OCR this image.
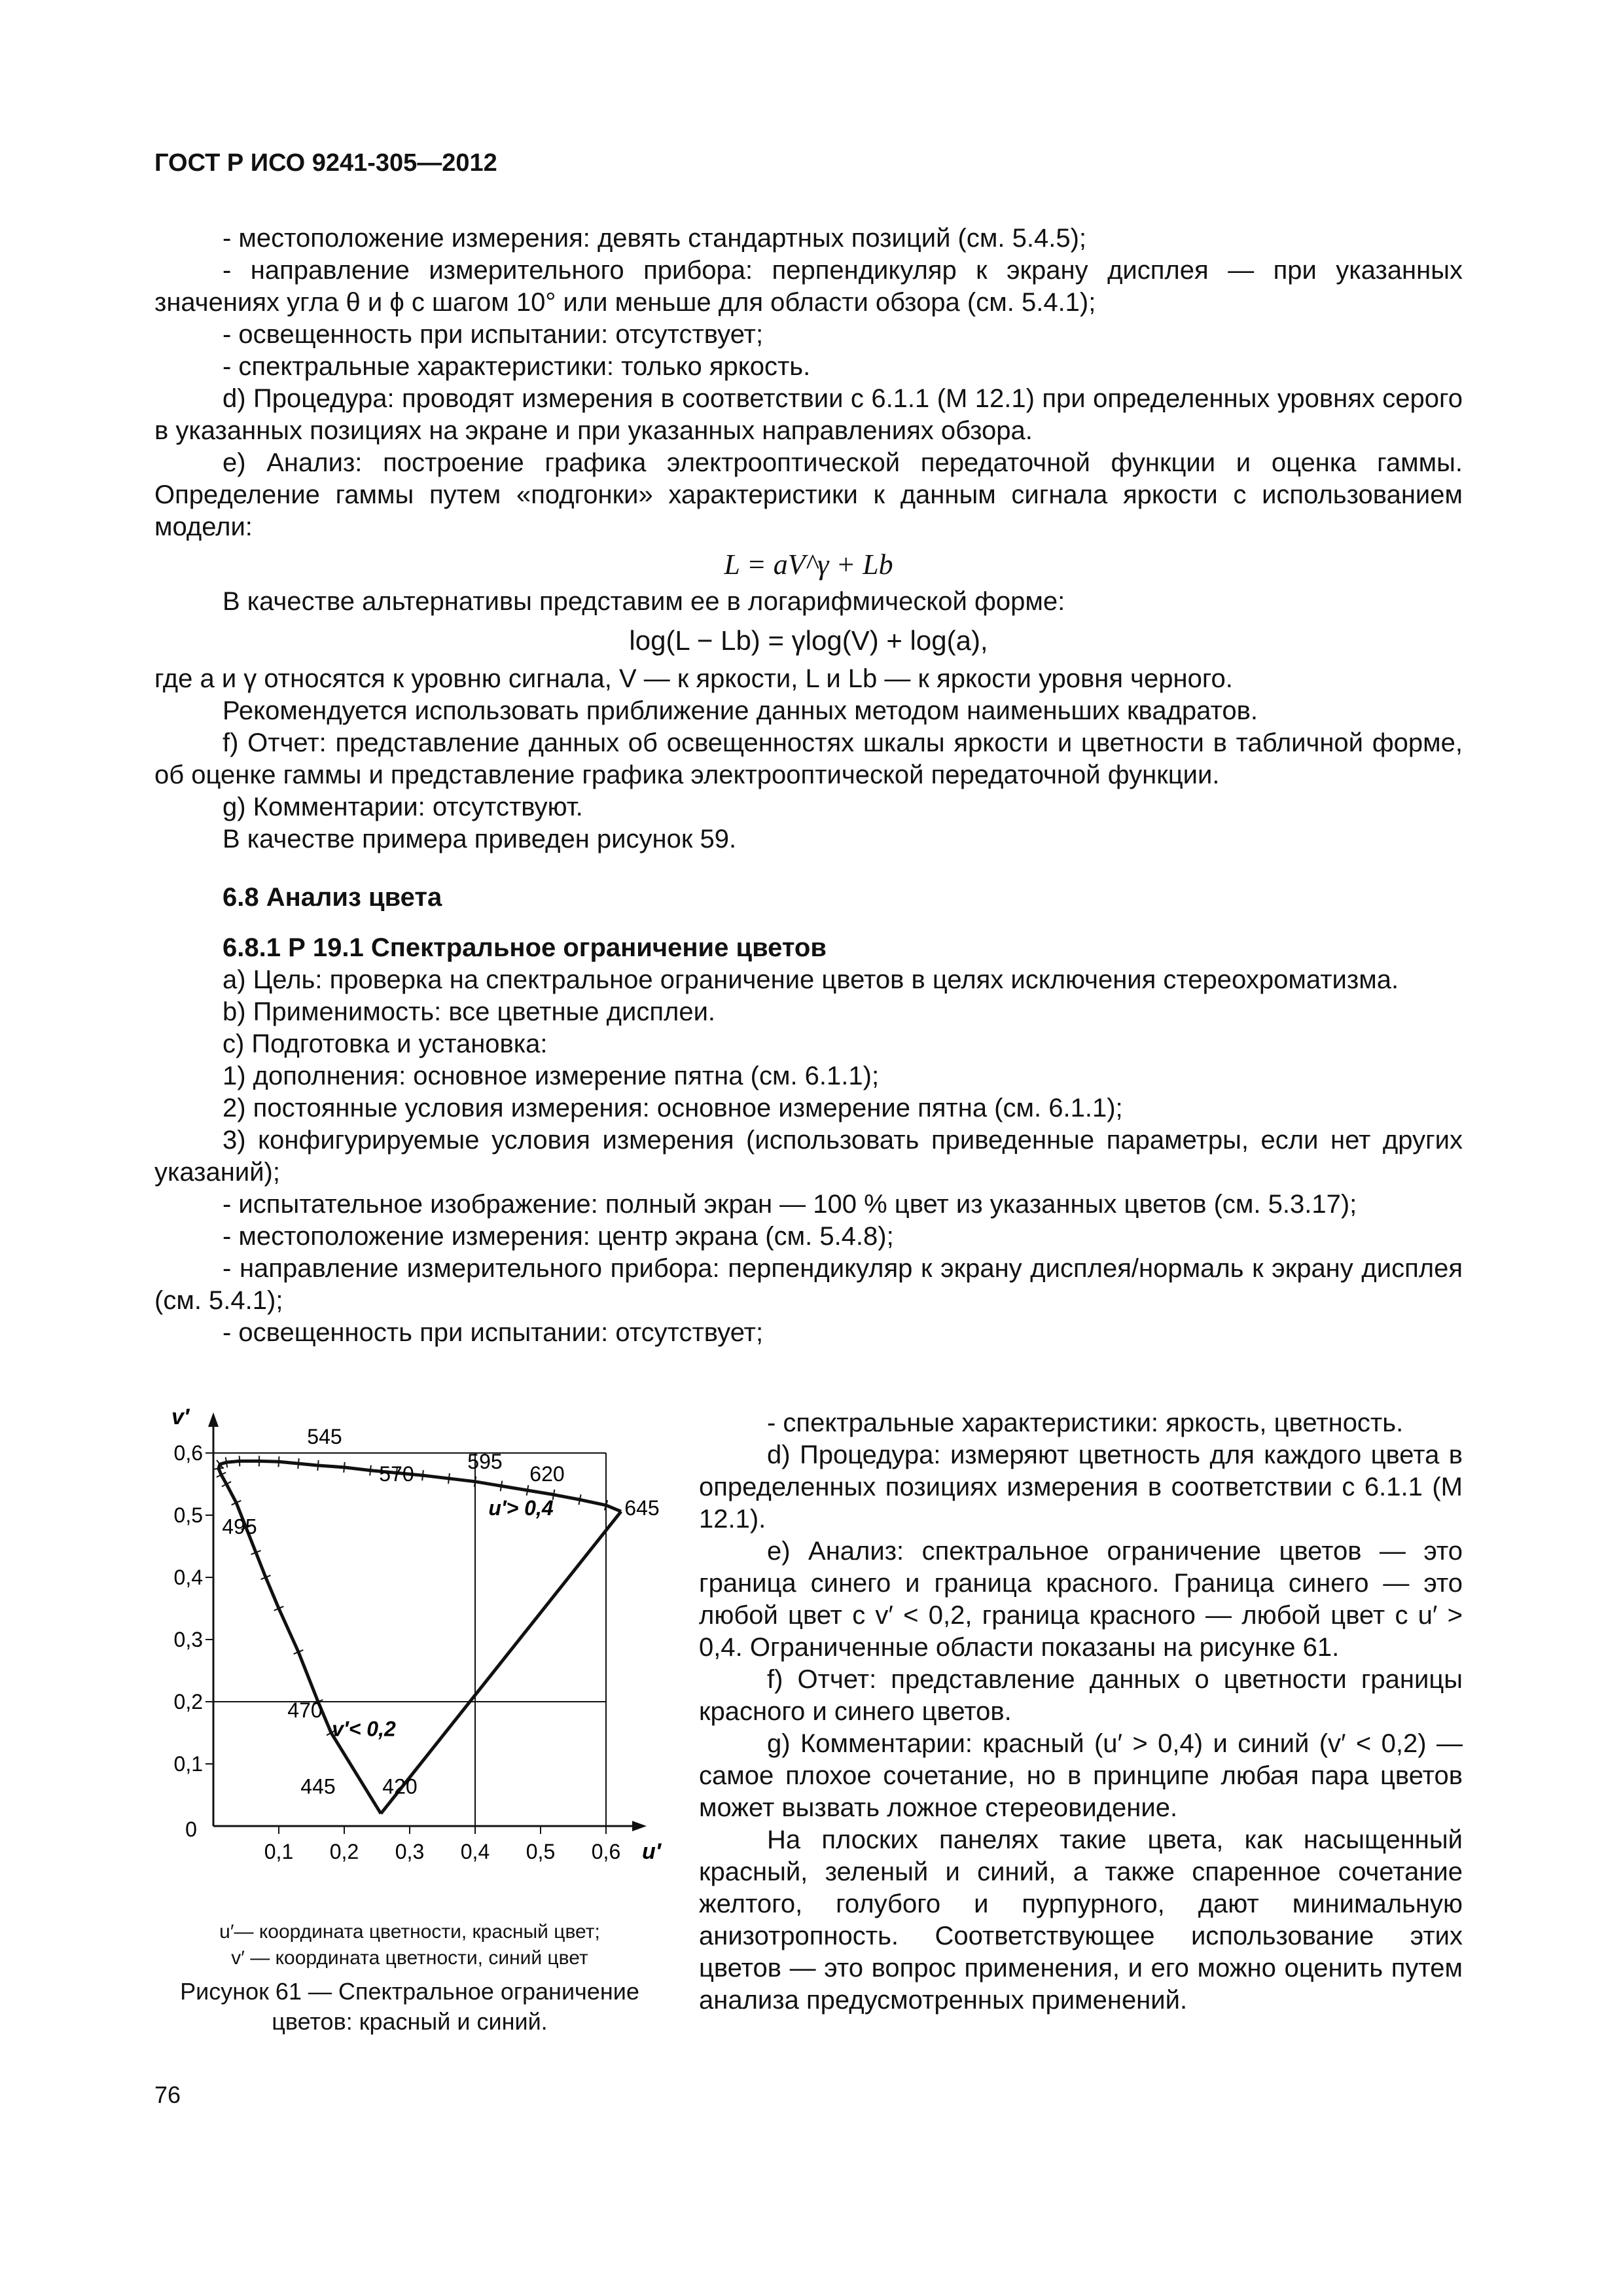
ГОСТ Р ИСО 9241-305—2012

- местоположение измерения: девять стандартных позиций (см. 5.4.5);

- направление измерительного прибора: перпендикуляр к экрану дисплея — при указанных значениях угла θ и ϕ с шагом 10° или меньше для области обзора (см. 5.4.1);

- освещенность при испытании: отсутствует;

- спектральные характеристики: только яркость.

d) Процедура: проводят измерения в соответствии с 6.1.1 (М 12.1) при определенных уровнях серого в указанных позициях на экране и при указанных направлениях обзора.

e) Анализ: построение графика электрооптической передаточной функции и оценка гаммы. Определение гаммы путем «подгонки» характеристики к данным сигнала яркости с использованием модели:

L = aV^γ + Lb

В качестве альтернативы представим ее в логарифмической форме:

log(L − Lb) = γlog(V) + log(a),

где a и γ относятся к уровню сигнала, V — к яркости, L и Lb — к яркости уровня черного.

Рекомендуется использовать приближение данных методом наименьших квадратов.

f) Отчет: представление данных об освещенностях шкалы яркости и цветности в табличной форме, об оценке гаммы и представление графика электрооптической передаточной функции.

g) Комментарии: отсутствуют.

В качестве примера приведен рисунок 59.

6.8 Анализ цвета

6.8.1 Р 19.1 Спектральное ограничение цветов

a) Цель: проверка на спектральное ограничение цветов в целях исключения стереохроматизма.

b) Применимость: все цветные дисплеи.

c) Подготовка и установка:

1) дополнения: основное измерение пятна (см. 6.1.1);

2) постоянные условия измерения: основное измерение пятна (см. 6.1.1);

3) конфигурируемые условия измерения (использовать приведенные параметры, если нет других указаний);

- испытательное изображение: полный экран — 100 % цвет из указанных цветов (см. 5.3.17);

- местоположение измерения: центр экрана (см. 5.4.8);

- направление измерительного прибора: перпендикуляр к экрану дисплея/нормаль к экрану дисплея (см. 5.4.1);

- освещенность при испытании: отсутствует;

0,1 0,2 0,3 0,4 0,5 0,6
0,1
0,2
0,3
0,4
0,5
0,6
0
u′
v′
545
570
595
620
645
495
470
445 420
u′> 0,4
v′< 0,2
u′— координата цветности, красный цвет;
v′ — координата цветности, синий цвет
Рисунок 61 — Спектральное ограничение цветов: красный и синий.

- спектральные характеристики: яркость, цветность.

d) Процедура: измеряют цветность для каждого цвета в определенных позициях измерения в соответствии с 6.1.1 (М 12.1).

e) Анализ: спектральное ограничение цветов — это граница синего и граница красного. Граница синего — это любой цвет с v′ < 0,2, граница красного — любой цвет с u′ > 0,4. Ограниченные области показаны на рисунке 61.

f) Отчет: представление данных о цветности границы красного и синего цветов.

g) Комментарии: красный (u′ > 0,4) и синий (v′ < 0,2) — самое плохое сочетание, но в принципе любая пара цветов может вызвать ложное стереовидение.

На плоских панелях такие цвета, как насыщенный красный, зеленый и синий, а также спаренное сочетание желтого, голубого и пурпурного, дают минимальную анизотропность. Соответствующее использование этих цветов — это вопрос применения, и его можно оценить путем анализа предусмотренных применений.

76
